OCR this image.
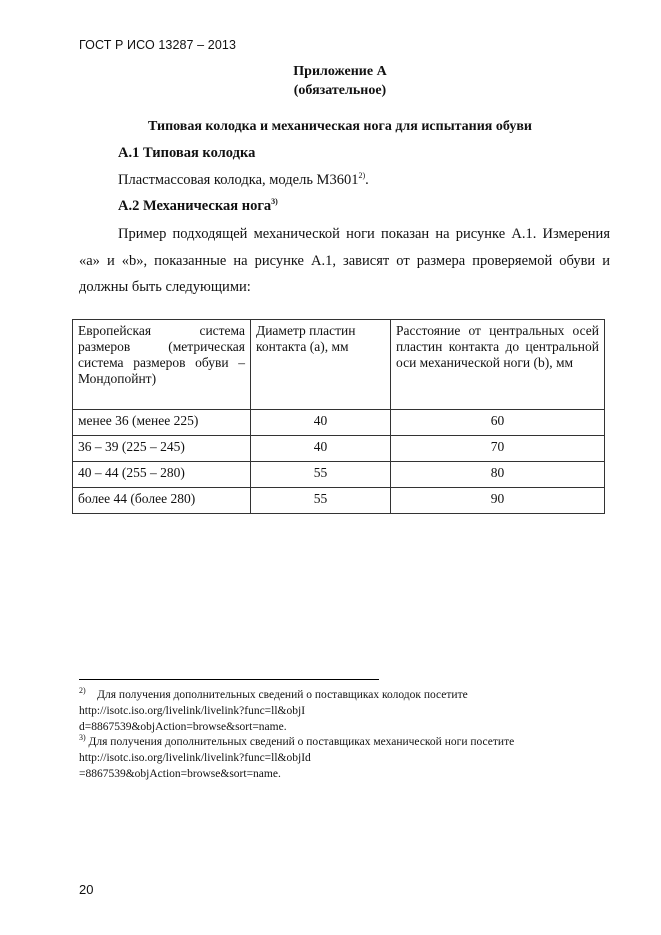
ГОСТ Р ИСО 13287 – 2013
Приложение А
(обязательное)
Типовая колодка и механическая нога для испытания обуви
А.1 Типовая колодка
Пластмассовая колодка, модель М3601$^{2)}$.
А.2 Механическая нога$^{3)}$
Пример подходящей механической ноги показан на рисунке А.1. Измерения «a» и «b», показанные на рисунке А.1, зависят от размера проверяемой обуви и должны быть следующими:
Европейская система размеров (метрическая система размеров обуви –Мондопойнт)	Диаметр пластин контакта (a), мм	Расстояние от центральных осей пластин контакта до центральной оси механической ноги (b), мм
менее 36 (менее 225)	40	60
36 – 39 (225 – 245)	40	70
40 – 44 (255 – 280)	55	80
более 44 (более 280)	55	90
$^{2)}$ Для получения дополнительных сведений о поставщиках колодок посетите
http://isotc.iso.org/livelink/livelink?func=ll&objI
d=8867539&objAction=browse&sort=name.
$^{3)}$ Для получения дополнительных сведений о поставщиках механической ноги посетите
http://isotc.iso.org/livelink/livelink?func=ll&objId
=8867539&objAction=browse&sort=name.
20
